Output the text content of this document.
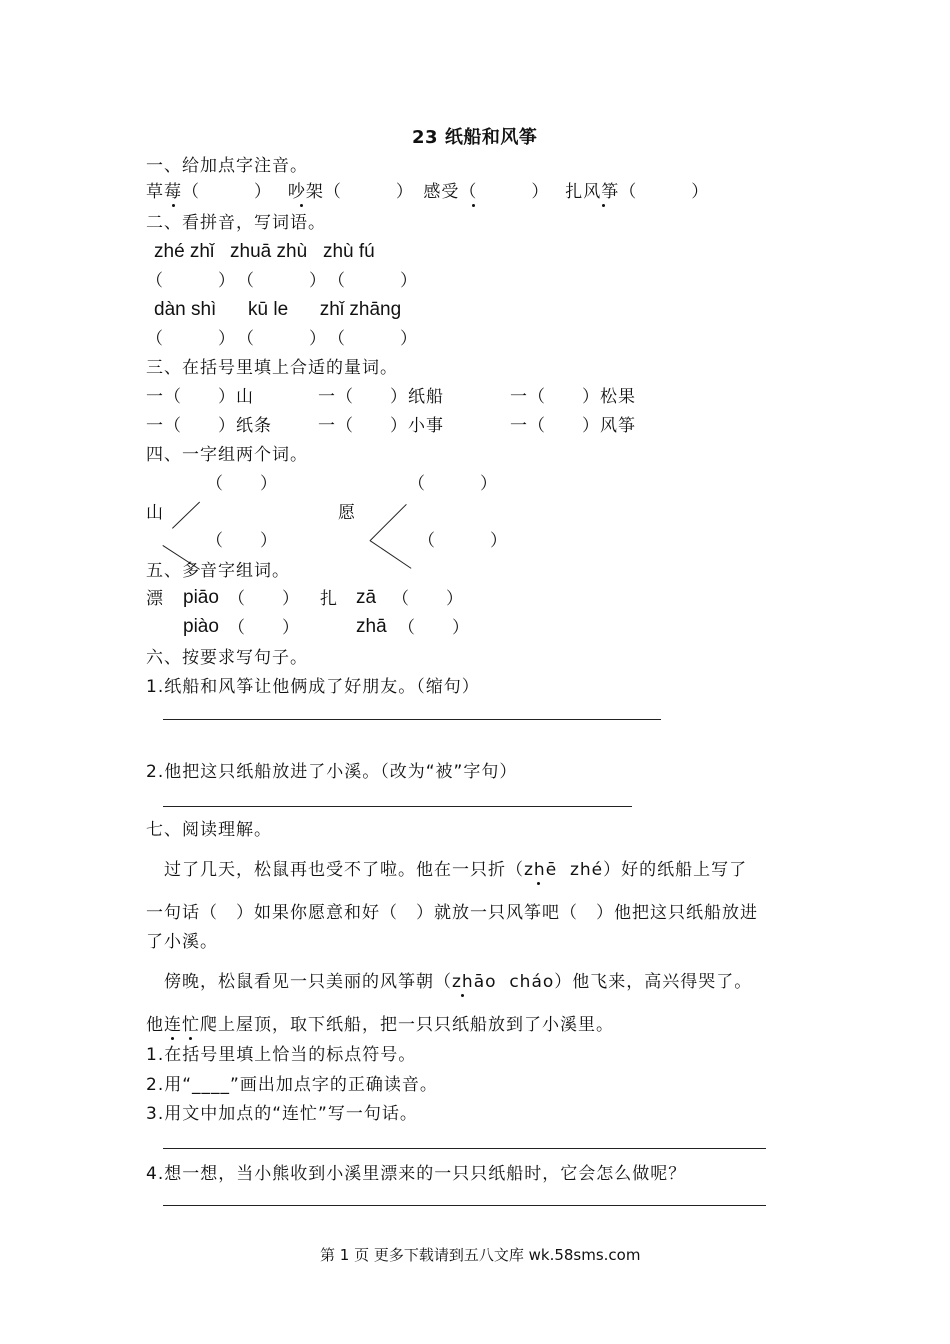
23 纸船和风筝
一、给加点字注音。
草莓（　　　）　 吵架（　　　）　感受（　　　）　 扎风筝（　　　）
二、看拼音，写词语。
zhé zhǐ   zhuā zhù   zhù fú
（　　　）　（　　　）　（　　　）
dàn shì      kū le      zhǐ zhāng
（　　　）　（　　　）　（　　　）
三、在括号里填上合适的量词。
一（　　）山	一（　　）纸船	一（　　）松果
一（　　）纸条	一（　　）小事	一（　　）风筝
四、一字组两个词。
（　　）	（　　　）
山	愿
（　　）	（　　　）
五、多音字组词。
漂 piāo （　　） 扎 zā （　　）
piào （　　）	zhā （　　）
六、按要求写句子。
1.纸船和风筝让他俩成了好朋友。（缩句）
2.他把这只纸船放进了小溪。（改为“被”字句）
七、阅读理解。
　过了几天，松鼠再也受不了啦。他在一只折（zhē  zhé）好的纸船上写了
一句话（　）如果你愿意和好（　）就放一只风筝吧（　）他把这只纸船放进
了小溪。
　傍晚，松鼠看见一只美丽的风筝朝（zhāo  cháo）他飞来，高兴得哭了。
他连忙爬上屋顶，取下纸船，把一只只纸船放到了小溪里。
1.在括号里填上恰当的标点符号。
2.用“____”画出加点字的正确读音。
3.用文中加点的“连忙”写一句话。
4.想一想，当小熊收到小溪里漂来的一只只纸船时，它会怎么做呢？
第 1 页 更多下载请到五八文库 wk.58sms.com
